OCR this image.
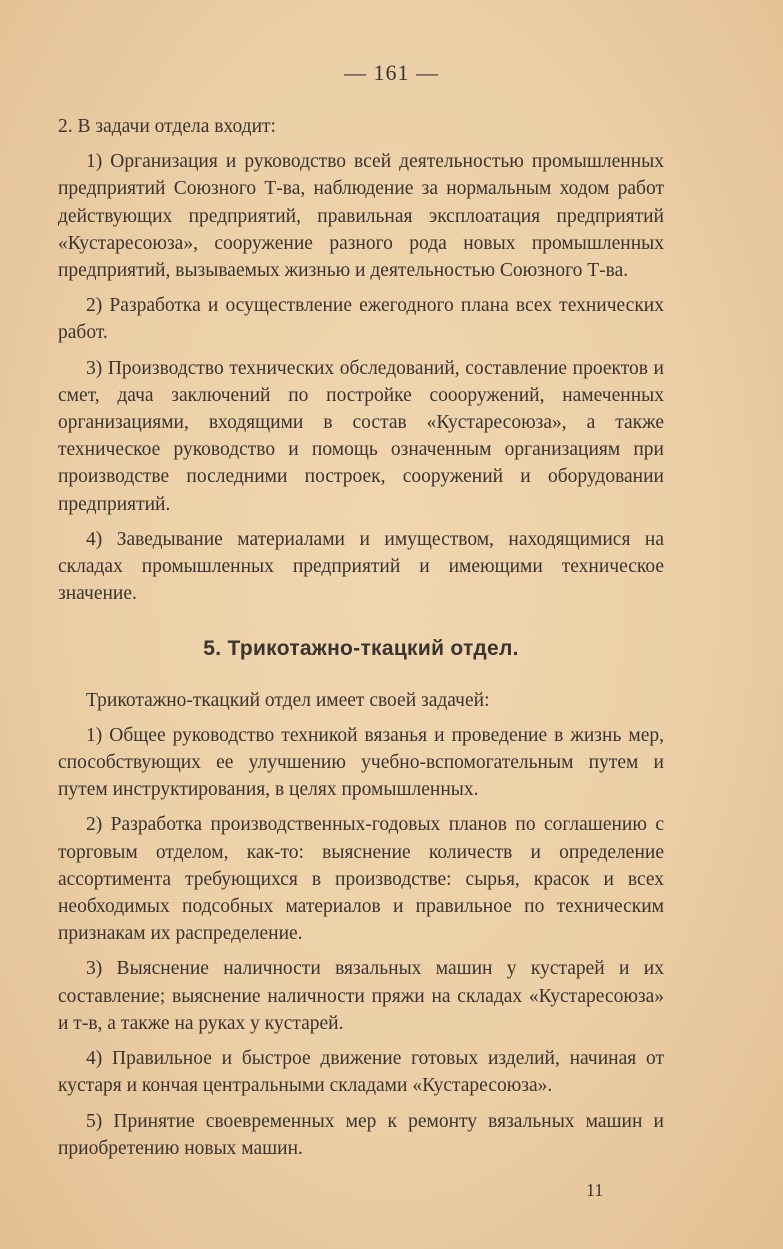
— 161 —

2. В задачи отдела входит:

1) Организация и руководство всей деятельностью промышленных предприятий Союзного Т-ва, наблюдение за нормальным ходом работ действующих предприятий, правильная эксплоатация предприятий «Кустаресоюза», сооружение разного рода новых промышленных предприятий, вызываемых жизнью и деятельностью Союзного Т-ва.

2) Разработка и осуществление ежегодного плана всех технических работ.

3) Производство технических обследований, составление проектов и смет, дача заключений по постройке соооружений, намеченных организациями, входящими в состав «Кустаресоюза», а также техническое руководство и помощь означенным организациям при производстве последними построек, сооружений и оборудовании предприятий.

4) Заведывание материалами и имуществом, находящимися на складах промышленных предприятий и имеющими техническое значение.

5. Трикотажно-ткацкий отдел.

Трикотажно-ткацкий отдел имеет своей задачей:

1) Общее руководство техникой вязанья и проведение в жизнь мер, способствующих ее улучшению учебно-вспомогательным путем и путем инструктирования, в целях промышленных.

2) Разработка производственных-годовых планов по соглашению с торговым отделом, как-то: выяснение количеств и определение ассортимента требующихся в производстве: сырья, красок и всех необходимых подсобных материалов и правильное по техническим признакам их распределение.

3) Выяснение наличности вязальных машин у кустарей и их составление; выяснение наличности пряжи на складах «Кустаресоюза» и т-в, а также на руках у кустарей.

4) Правильное и быстрое движение готовых изделий, начиная от кустаря и кончая центральными складами «Кустаресоюза».

5) Принятие своевременных мер к ремонту вязальных машин и приобретению новых машин.

11
